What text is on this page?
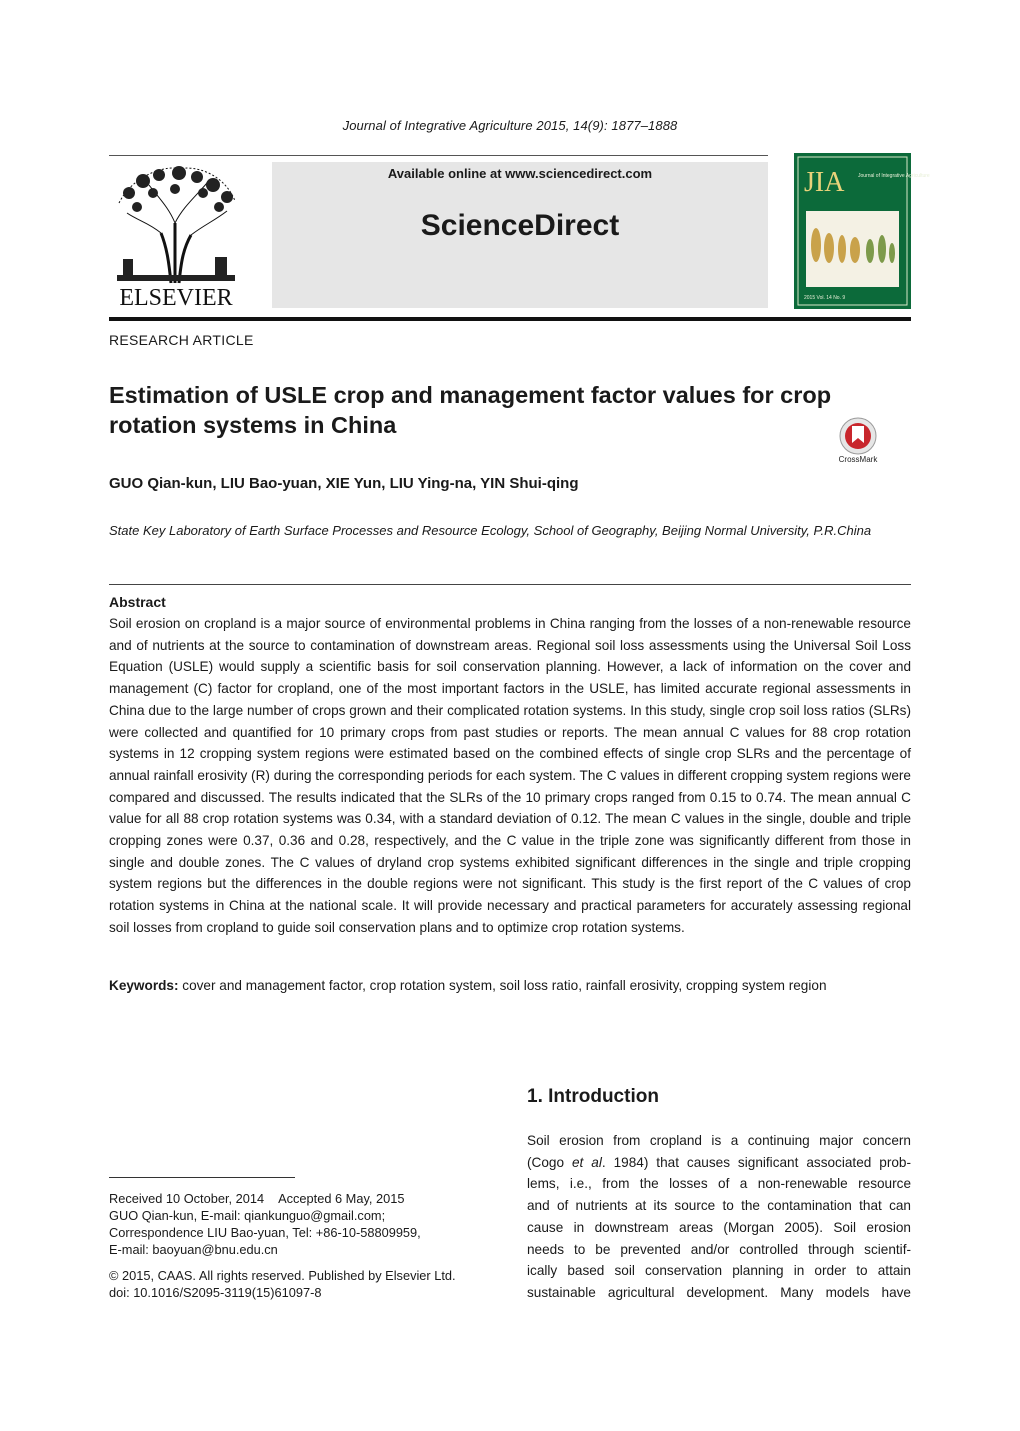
Journal of Integrative Agriculture 2015, 14(9): 1877–1888
ELSEVIER
Available online at www.sciencedirect.com
ScienceDirect
JIA	Journal of Integrative Agriculture
2015 Vol. 14 No. 9
RESEARCH ARTICLE
Estimation of USLE crop and management factor values for crop rotation systems in China
CrossMark
GUO Qian-kun, LIU Bao-yuan, XIE Yun, LIU Ying-na, YIN Shui-qing
State Key Laboratory of Earth Surface Processes and Resource Ecology, School of Geography, Beijing Normal University, P.R.China
Abstract
Soil erosion on cropland is a major source of environmental problems in China ranging from the losses of a non-renewable resource and of nutrients at the source to contamination of downstream areas. Regional soil loss assessments using the Universal Soil Loss Equation (USLE) would supply a scientific basis for soil conservation planning. However, a lack of information on the cover and management (C) factor for cropland, one of the most important factors in the USLE, has limited accurate regional assessments in China due to the large number of crops grown and their complicated rotation systems. In this study, single crop soil loss ratios (SLRs) were collected and quantified for 10 primary crops from past studies or reports. The mean annual C values for 88 crop rotation systems in 12 cropping system regions were estimated based on the combined effects of single crop SLRs and the percentage of annual rainfall erosivity (R) during the corresponding periods for each system. The C values in different cropping system regions were compared and discussed. The results indicated that the SLRs of the 10 primary crops ranged from 0.15 to 0.74. The mean annual C value for all 88 crop rotation systems was 0.34, with a standard deviation of 0.12. The mean C values in the single, double and triple cropping zones were 0.37, 0.36 and 0.28, respectively, and the C value in the triple zone was significantly different from those in single and double zones. The C values of dryland crop systems exhibited significant differences in the single and triple cropping system regions but the differences in the double regions were not significant. This study is the first report of the C values of crop rotation systems in China at the national scale. It will provide necessary and practical parameters for accurately assessing regional soil losses from cropland to guide soil conservation plans and to optimize crop rotation systems.
Keywords: cover and management factor, crop rotation system, soil loss ratio, rainfall erosivity, cropping system region
1. Introduction
Soil erosion from cropland is a continuing major concern
(Cogo et al. 1984) that causes significant associated prob-
lems, i.e., from the losses of a non-renewable resource
and of nutrients at its source to the contamination that can
cause in downstream areas (Morgan 2005). Soil erosion
needs to be prevented and/or controlled through scientif-
ically based soil conservation planning in order to attain
sustainable agricultural development. Many models have
Received 10 October, 2014 Accepted 6 May, 2015
GUO Qian-kun, E-mail: qiankunguo@gmail.com;
Correspondence LIU Bao-yuan, Tel: +86-10-58809959,
E-mail: baoyuan@bnu.edu.cn
© 2015, CAAS. All rights reserved. Published by Elsevier Ltd.
doi: 10.1016/S2095-3119(15)61097-8
